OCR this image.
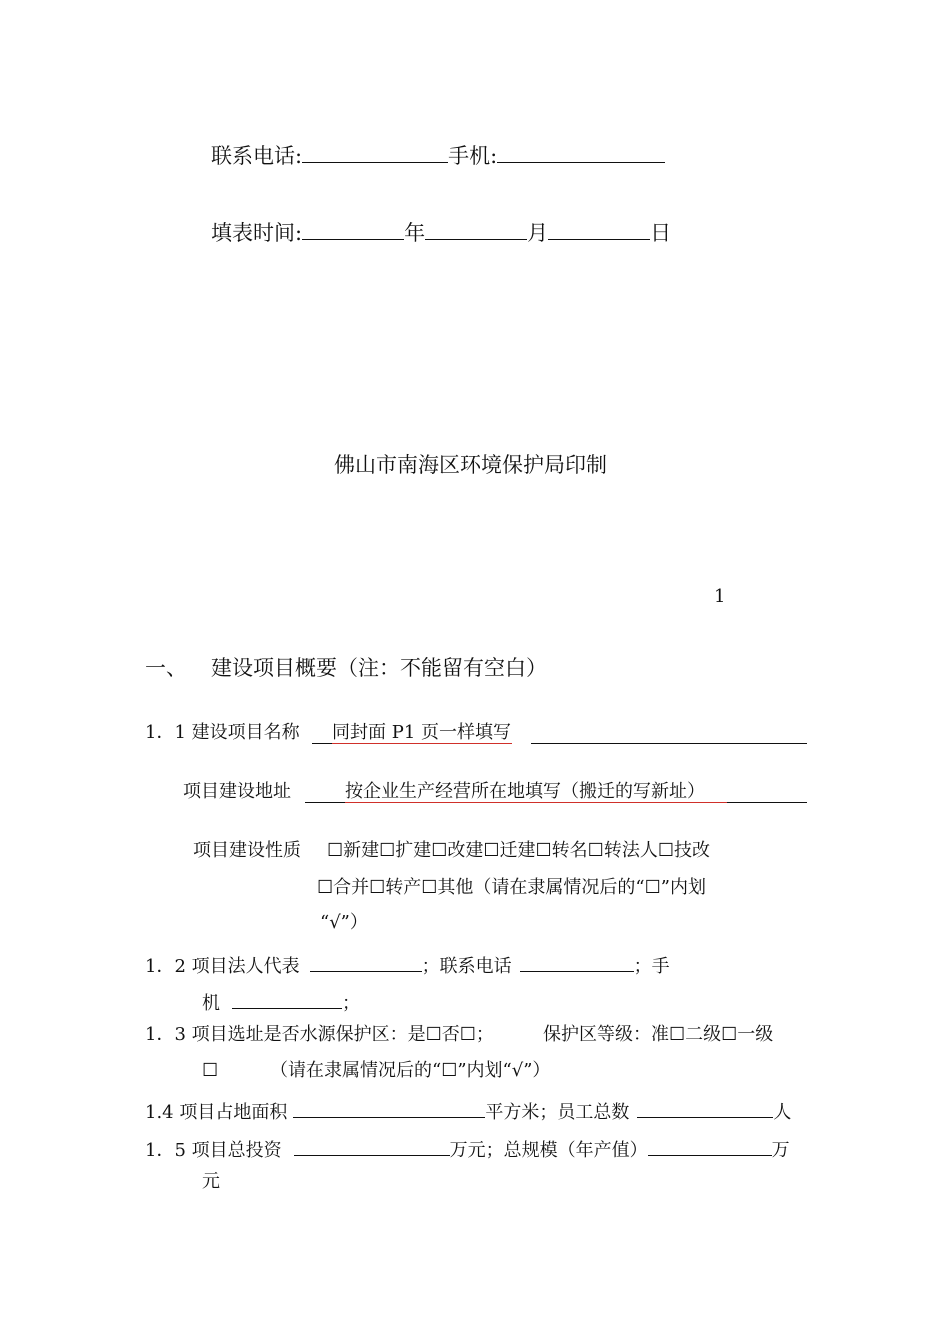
联系电话:	手机:
填表时间:	年	月	日
佛山市南海区环境保护局印制
1
一、 建设项目概要（注：不能留有空白）
1．1 建设项目名称 同封面 P1 页一样填写
项目建设地址	按企业生产经营所在地填写（搬迁的写新址）
项目建设性质 ☐新建☐扩建☐改建☐迁建☐转名☐转法人☐技改
☐合并☐转产☐其他（请在隶属情况后的“☐”内划
“√”）
1．2 项目法人代表	；联系电话	；手
机	；
1．3 项目选址是否水源保护区：是☐否☐；	保护区等级：准☐二级☐一级
☐	（请在隶属情况后的“☐”内划“√”）
1.4 项目占地面积	平方米；员工总数	人
1．5 项目总投资	万元；总规模（年产值）	万
元
